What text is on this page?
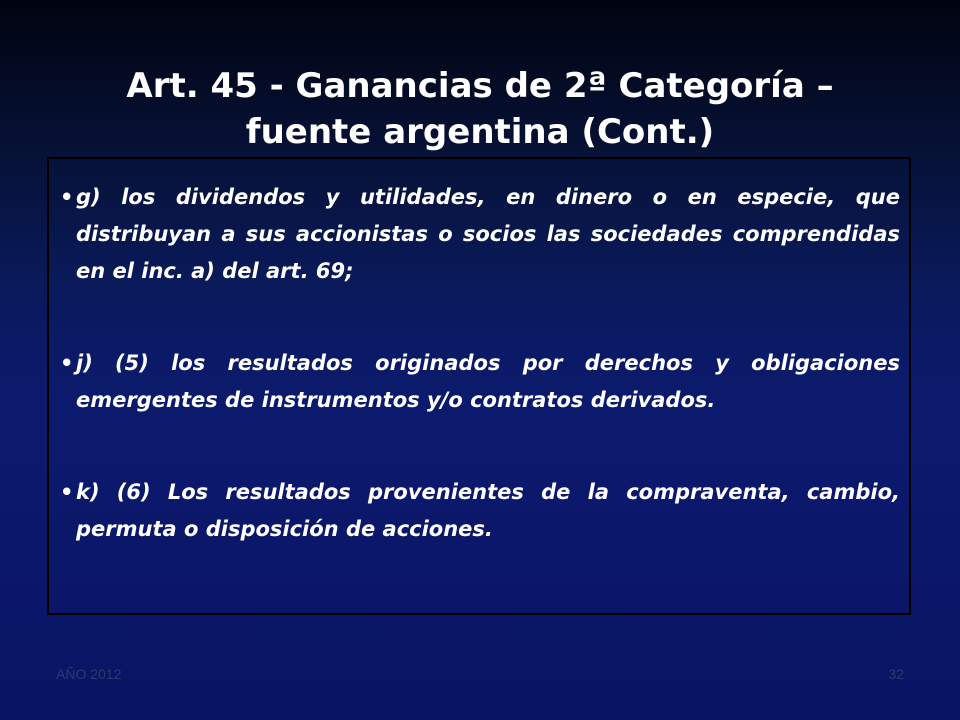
Art. 45 - Ganancias de 2ª Categoría –
fuente argentina (Cont.)
• g) los dividendos y utilidades, en dinero o en especie, que distribuyan a sus accionistas o socios las sociedades comprendidas en el inc. a) del art. 69;
• j) (5) los resultados originados por derechos y obligaciones emergentes de instrumentos y/o contratos derivados.
• k) (6) Los resultados provenientes de la compraventa, cambio, permuta o disposición de acciones.
AÑO 2012	32
